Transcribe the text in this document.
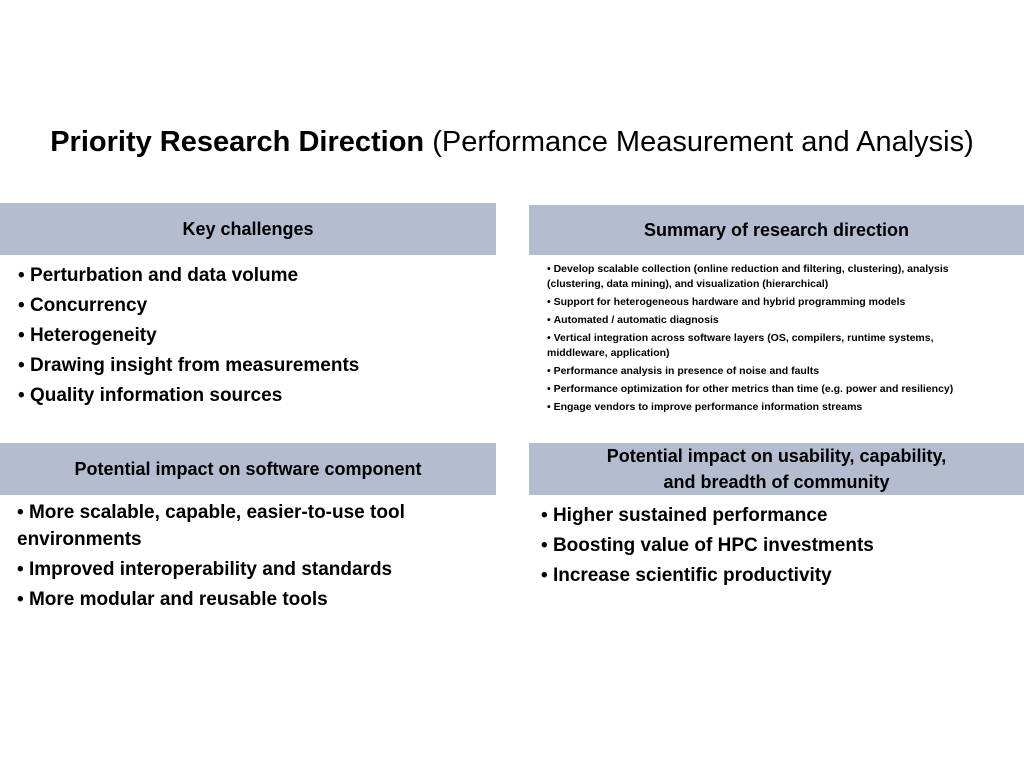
Priority Research Direction (Performance Measurement and Analysis)
Key challenges
• Perturbation and data volume
• Concurrency
• Heterogeneity
• Drawing insight from measurements
• Quality information sources
Summary of research direction
• Develop scalable collection (online reduction and filtering, clustering), analysis (clustering, data mining), and visualization (hierarchical)
• Support for heterogeneous hardware and hybrid programming models
• Automated / automatic diagnosis
• Vertical integration across software layers (OS, compilers, runtime systems, middleware, application)
• Performance analysis in presence of noise and faults
• Performance optimization for other metrics than time (e.g. power and resiliency)
• Engage vendors to improve performance information streams
Potential impact on software component
• More scalable, capable, easier-to-use tool environments
• Improved interoperability and standards
• More modular and reusable tools
Potential impact on usability, capability,
and breadth of community
• Higher sustained performance
• Boosting value of HPC investments
• Increase scientific productivity
